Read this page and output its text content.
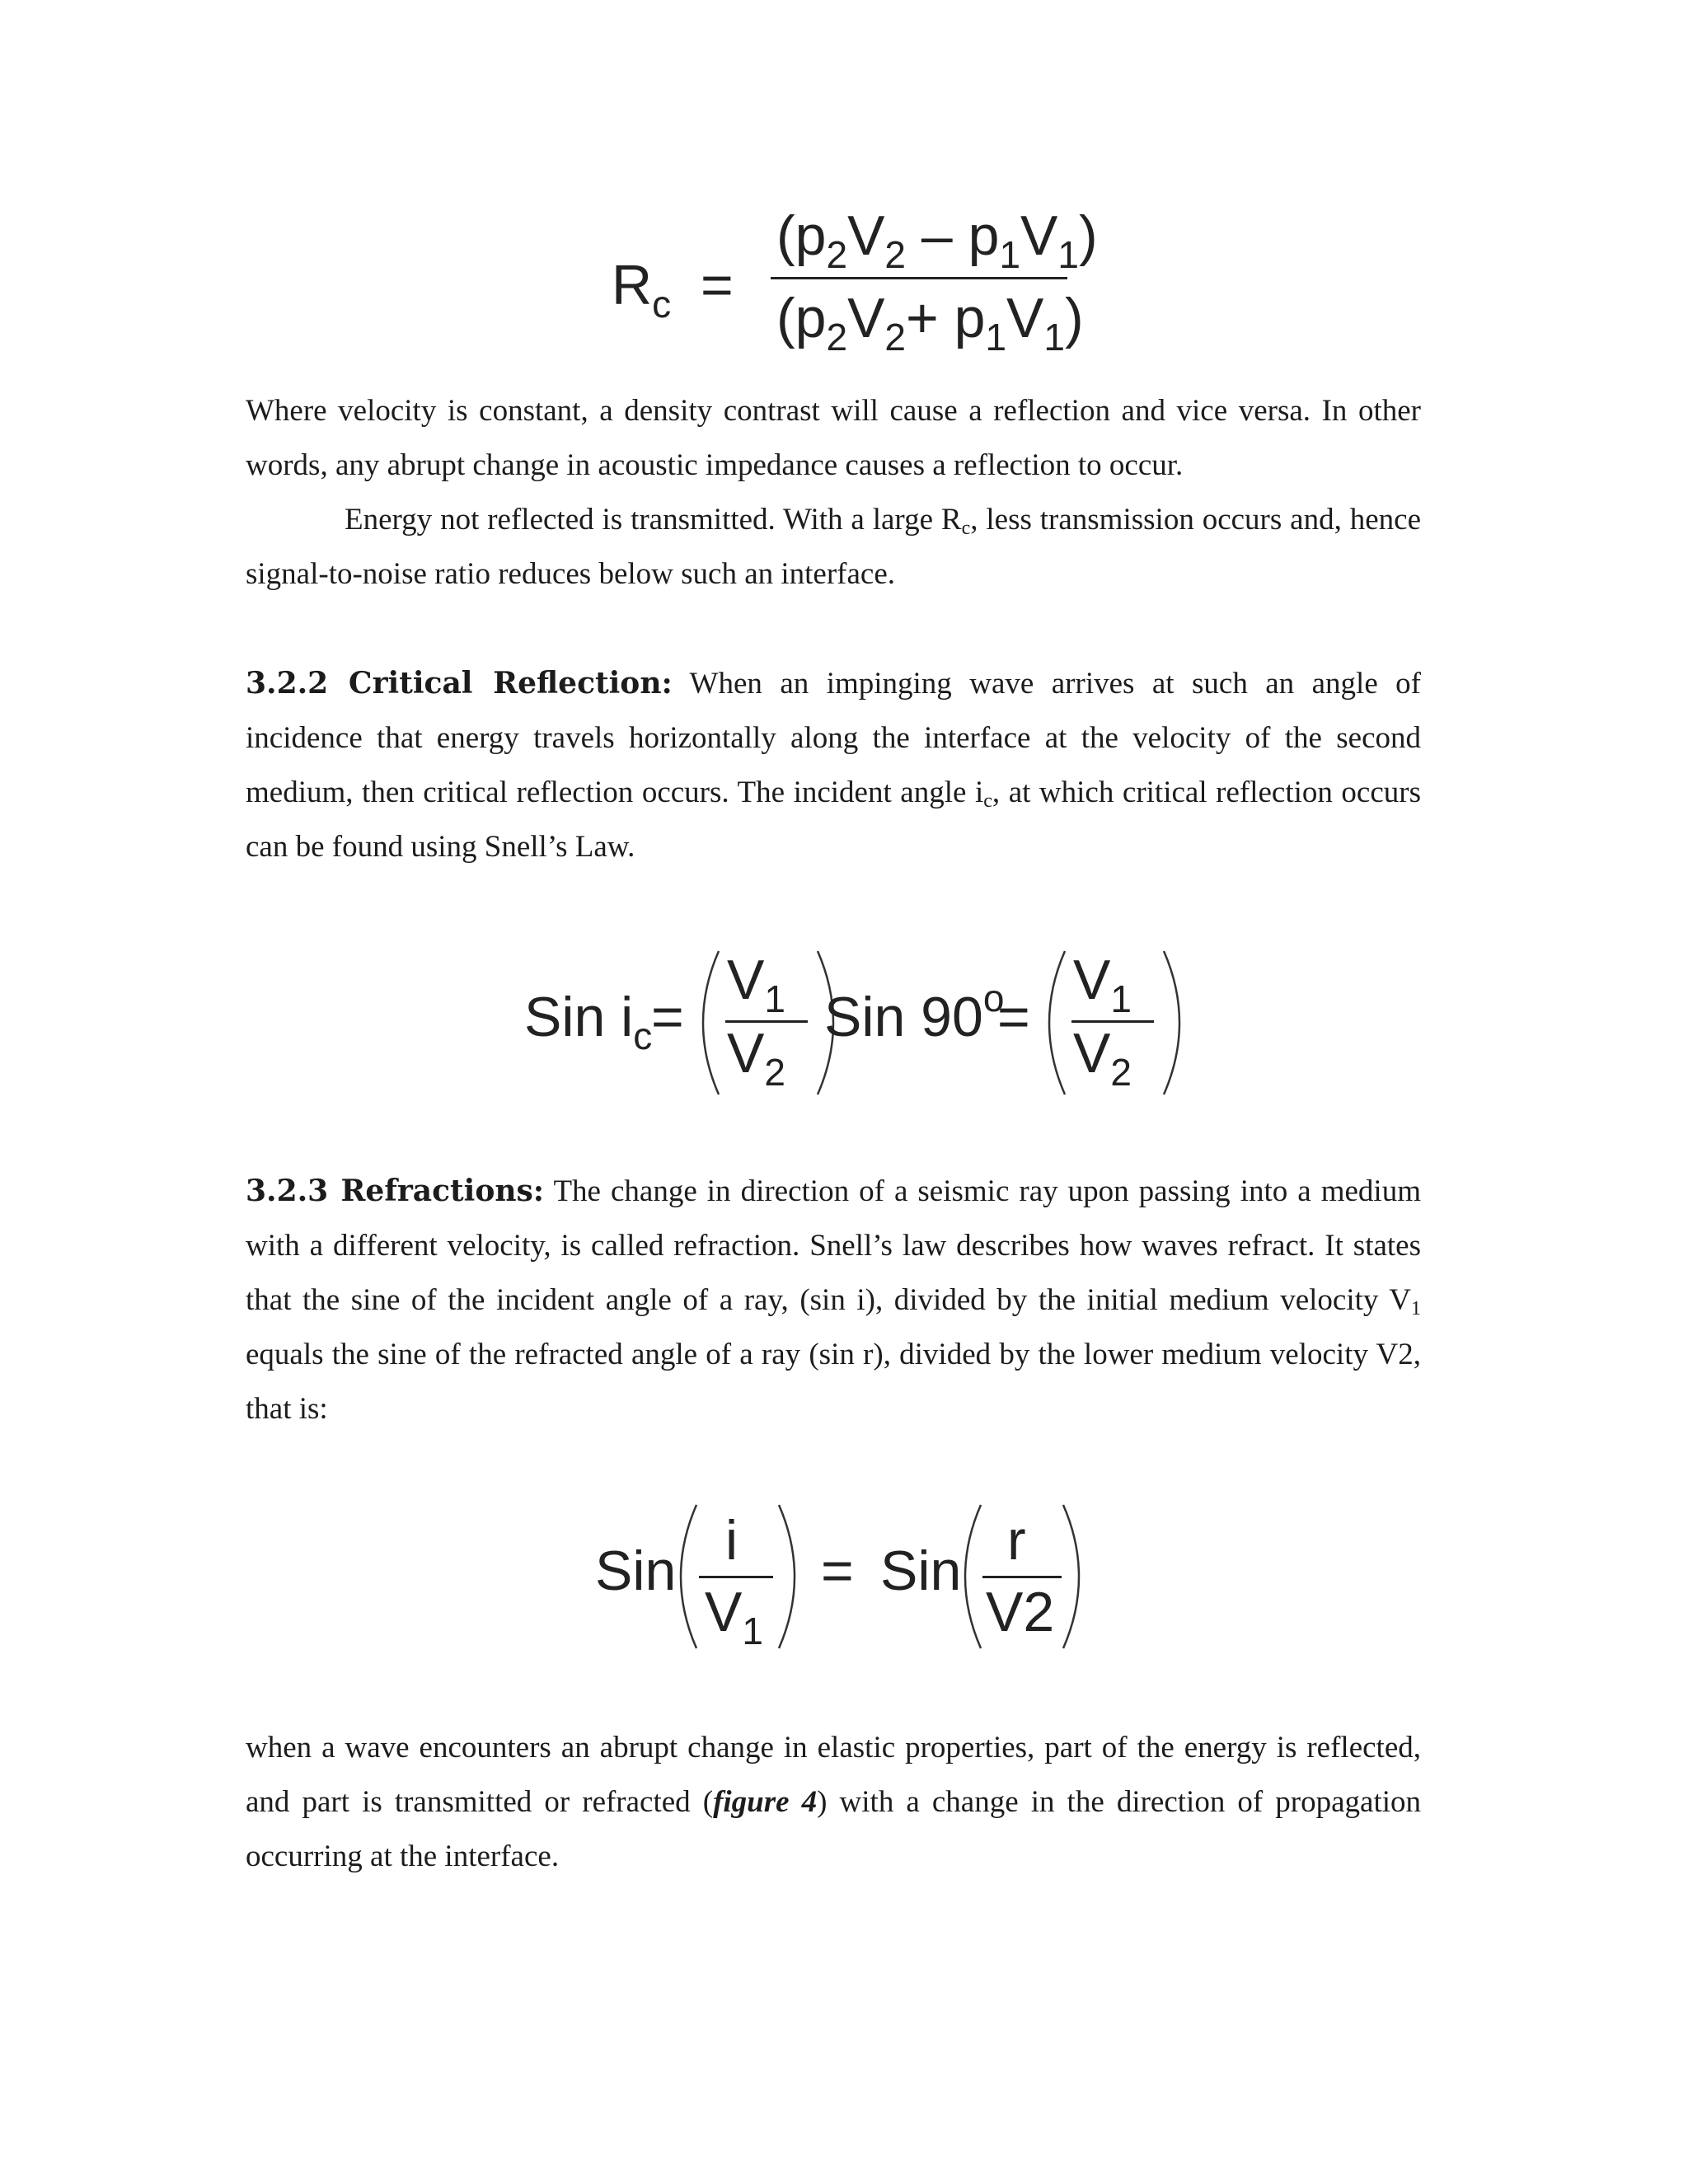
Rc =
(p2V2 – p1V1)
(p2V2+ p1V1)

Where velocity is constant, a density contrast will cause a reflection and vice versa. In other words, any abrupt change in acoustic impedance causes a reflection to occur.

Energy not reflected is transmitted. With a large $R_c$, less transmission occurs and, hence signal-to-noise ratio reduces below such an interface.

3.2.2 Critical Reflection: When an impinging wave arrives at such an angle of incidence that energy travels horizontally along the interface at the velocity of the second medium, then critical reflection occurs. The incident angle $i_c$, at which critical reflection occurs can be found using Snell’s Law.

Sin ic
=
V1
V2
Sin 90o
=
V1
V2

3.2.3 Refractions: The change in direction of a seismic ray upon passing into a medium with a different velocity, is called refraction. Snell’s law describes how waves refract. It states that the sine of the incident angle of a ray, (sin i), divided by the initial medium velocity $V_1$ equals the sine of the refracted angle of a ray (sin r), divided by the lower medium velocity V2, that is:

Sin i
V1
= Sin r
V2

when a wave encounters an abrupt change in elastic properties, part of the energy is reflected, and part is transmitted or refracted (figure 4) with a change in the direction of propagation occurring at the interface.
